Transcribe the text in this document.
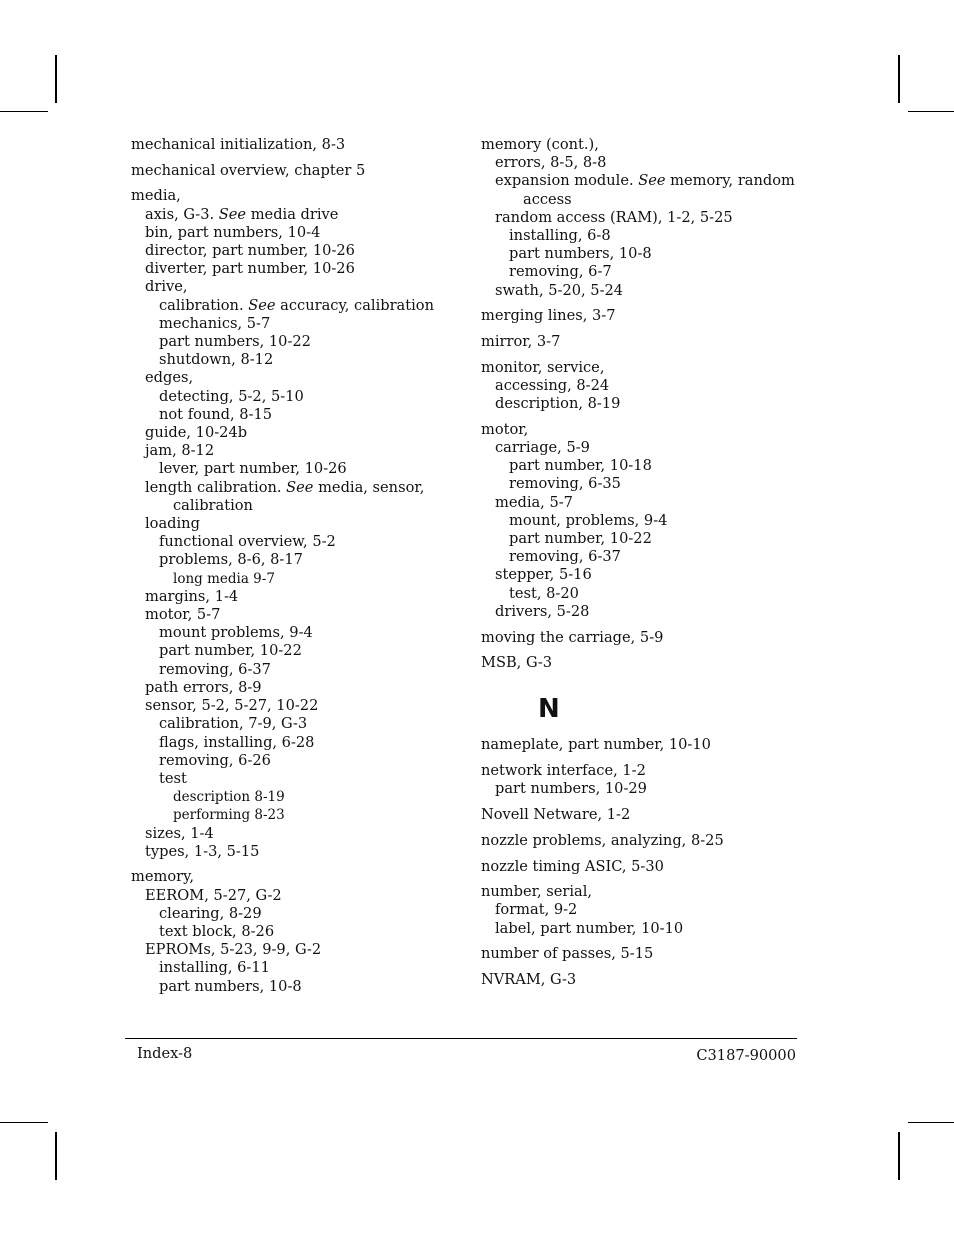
mechanical initialization, 8-3
mechanical overview, chapter 5
media,
axis, G-3. See media drive
bin, part numbers, 10-4
director, part number, 10-26
diverter, part number, 10-26
drive,
calibration. See accuracy, calibration
mechanics, 5-7
part numbers, 10-22
shutdown, 8-12
edges,
detecting, 5-2, 5-10
not found, 8-15
guide, 10-24b
jam, 8-12
lever, part number, 10-26
length calibration. See media, sensor,
calibration
loading
functional overview, 5-2
problems, 8-6, 8-17
long media 9-7
margins, 1-4
motor, 5-7
mount problems, 9-4
part number, 10-22
removing, 6-37
path errors, 8-9
sensor, 5-2, 5-27, 10-22
calibration, 7-9, G-3
flags, installing, 6-28
removing, 6-26
test
description 8-19
performing 8-23
sizes, 1-4
types, 1-3, 5-15
memory,
EEROM, 5-27, G-2
clearing, 8-29
text block, 8-26
EPROMs, 5-23, 9-9, G-2
installing, 6-11
part numbers, 10-8
memory (cont.),
errors, 8-5, 8-8
expansion module. See memory, random
access
random access (RAM), 1-2, 5-25
installing, 6-8
part numbers, 10-8
removing, 6-7
swath, 5-20, 5-24
merging lines, 3-7
mirror, 3-7
monitor, service,
accessing, 8-24
description, 8-19
motor,
carriage, 5-9
part number, 10-18
removing, 6-35
media, 5-7
mount, problems, 9-4
part number, 10-22
removing, 6-37
stepper, 5-16
test, 8-20
drivers, 5-28
moving the carriage, 5-9
MSB, G-3
N
nameplate, part number, 10-10
network interface, 1-2
part numbers, 10-29
Novell Netware, 1-2
nozzle problems, analyzing, 8-25
nozzle timing ASIC, 5-30
number, serial,
format, 9-2
label, part number, 10-10
number of passes, 5-15
NVRAM, G-3
Index-8	C3187-90000
